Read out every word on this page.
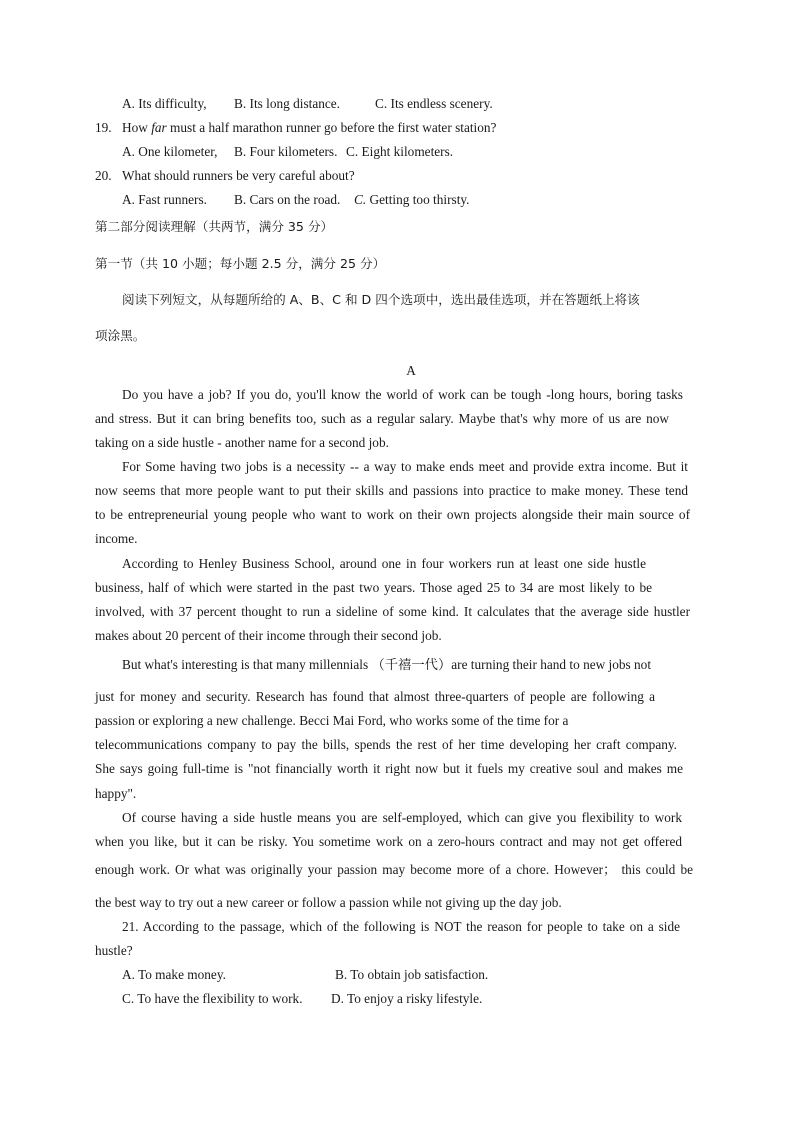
A. Its difficulty, B. Its long distance.	C. Its endless scenery.
19. How far must a half marathon runner go before the first water station?
A. One kilometer, B. Four kilometers. C. Eight kilometers.
20. What should runners be very careful about?
A. Fast runners. B. Cars on the road. C. Getting too thirsty.
第二部分阅读理解（共两节，满分 35 分）
第一节（共 10 小题；每小题 2.5 分，满分 25 分）
阅读下列短文，从每题所给的 A、B、C 和 D 四个选项中，选出最佳选项，并在答题纸上将该
项涂黑。
A
Do you have a job? If you do, you'll know the world of work can be tough -long hours, boring tasks
and stress. But it can bring benefits too, such as a regular salary. Maybe that's why more of us are now
taking on a side hustle - another name for a second job.
For Some having two jobs is a necessity -- a way to make ends meet and provide extra income. But it
now seems that more people want to put their skills and passions into practice to make money. These tend
to be entrepreneurial young people who want to work on their own projects alongside their main source of
income.
According to Henley Business School, around one in four workers run at least one side hustle
business, half of which were started in the past two years. Those aged 25 to 34 are most likely to be
involved, with 37 percent thought to run a sideline of some kind. It calculates that the average side hustler
makes about 20 percent of their income through their second job.
But what's interesting is that many millennials （千禧一代）are turning their hand to new jobs not
just for money and security. Research has found that almost three-quarters of people are following a
passion or exploring a new challenge. Becci Mai Ford, who works some of the time for a
telecommunications company to pay the bills, spends the rest of her time developing her craft company.
She says going full-time is "not financially worth it right now but it fuels my creative soul and makes me
happy".
Of course having a side hustle means you are self-employed, which can give you flexibility to work
when you like, but it can be risky. You sometime work on a zero-hours contract and may not get offered
enough work. Or what was originally your passion may become more of a chore. However； this could be
the best way to try out a new career or follow a passion while not giving up the day job.
21. According to the passage, which of the following is NOT the reason for people to take on a side
hustle?
A. To make money.	B. To obtain job satisfaction.
C. To have the flexibility to work. D. To enjoy a risky lifestyle.
